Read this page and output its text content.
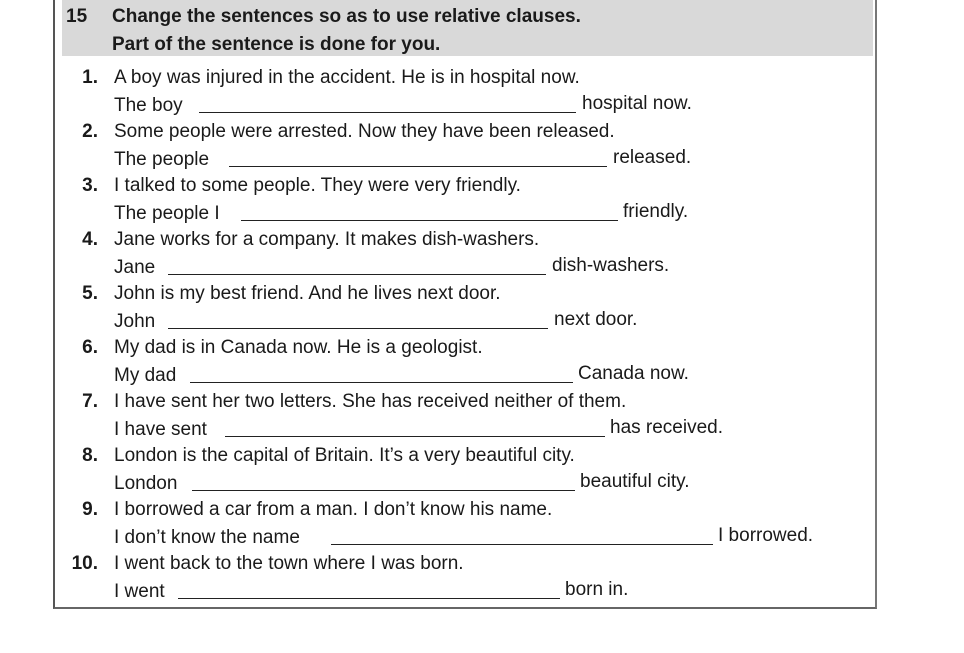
15 Change the sentences so as to use relative clauses.
Part of the sentence is done for you.
1. A boy was injured in the accident. He is in hospital now.
The boy	hospital now.
2. Some people were arrested. Now they have been released.
The people	released.
3. I talked to some people. They were very friendly.
The people I	friendly.
4. Jane works for a company. It makes dish-washers.
Jane	dish-washers.
5. John is my best friend. And he lives next door.
John	next door.
6. My dad is in Canada now. He is a geologist.
My dad	Canada now.
7. I have sent her two letters. She has received neither of them.
I have sent	has received.
8. London is the capital of Britain. It’s a very beautiful city.
London	beautiful city.
9. I borrowed a car from a man. I don’t know his name.
I don’t know the name	I borrowed.
10. I went back to the town where I was born.
I went	born in.
